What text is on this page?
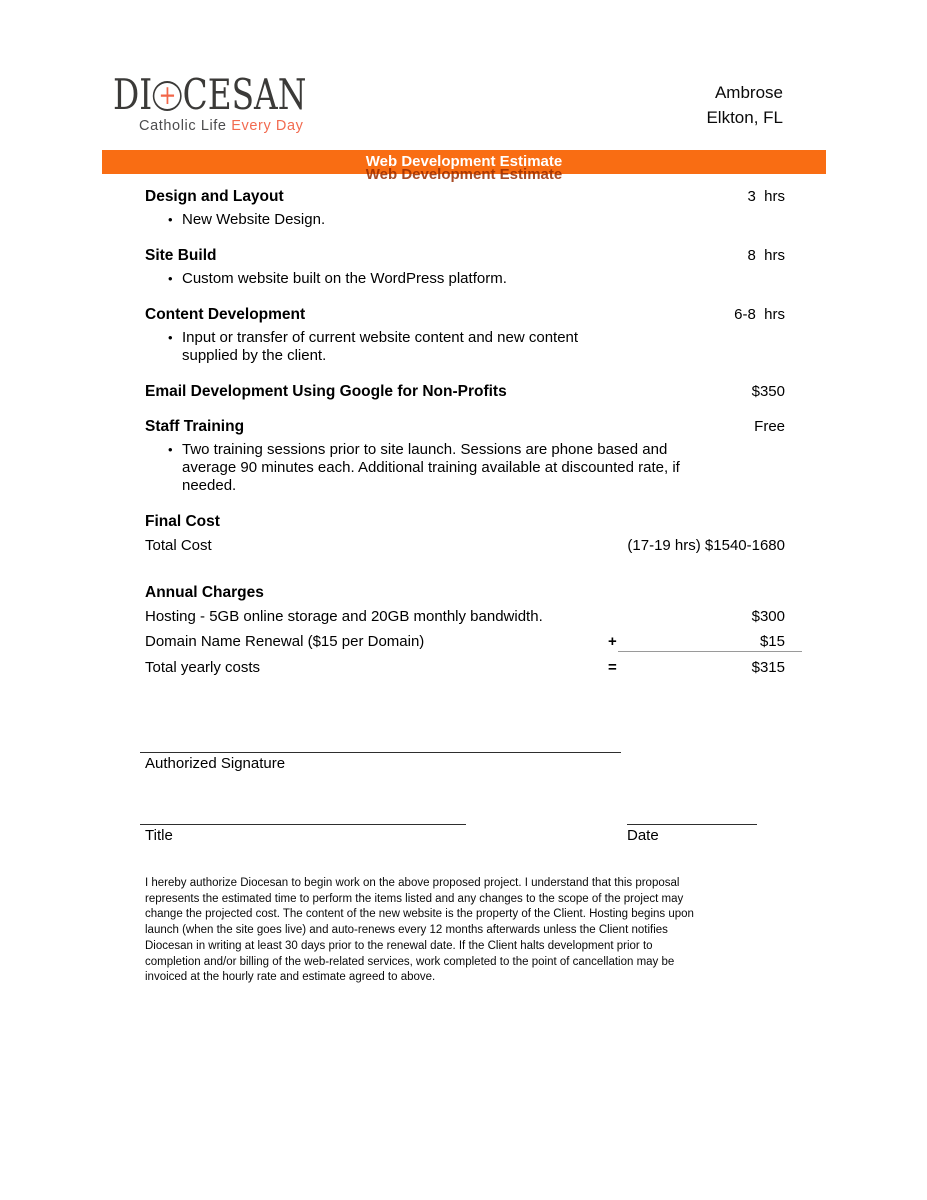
DI + CESAN
Catholic Life Every Day
Ambrose
Elkton, FL
Web Development Estimate
Web Development Estimate
Design and Layout	3  hrs
•
New Website Design.
Site Build	8  hrs
•
Custom website built on the WordPress platform.
Content Development	6-8  hrs
•
Input or transfer of current website content and new content
supplied by the client.
Email Development Using Google for Non-Profits	$350
Staff Training	Free
•
Two training sessions prior to site launch. Sessions are phone based and
average 90 minutes each. Additional training available at discounted rate, if
needed.
Final Cost
Total Cost	(17-19 hrs) $1540-1680
Annual Charges
Hosting - 5GB online storage and 20GB monthly bandwidth.	$300
Domain Name Renewal ($15 per Domain)	+	$15
Total yearly costs	=	$315
Authorized Signature
Title	Date
I hereby authorize Diocesan to begin work on the above proposed project. I understand that this proposal
represents the estimated time to perform the items listed and any changes to the scope of the project may
change the projected cost. The content of the new website is the property of the Client. Hosting begins upon
launch (when the site goes live) and auto-renews every 12 months afterwards unless the Client notifies
Diocesan in writing at least 30 days prior to the renewal date. If the Client halts development prior to
completion and/or billing of the web-related services, work completed to the point of cancellation may be
invoiced at the hourly rate and estimate agreed to above.
